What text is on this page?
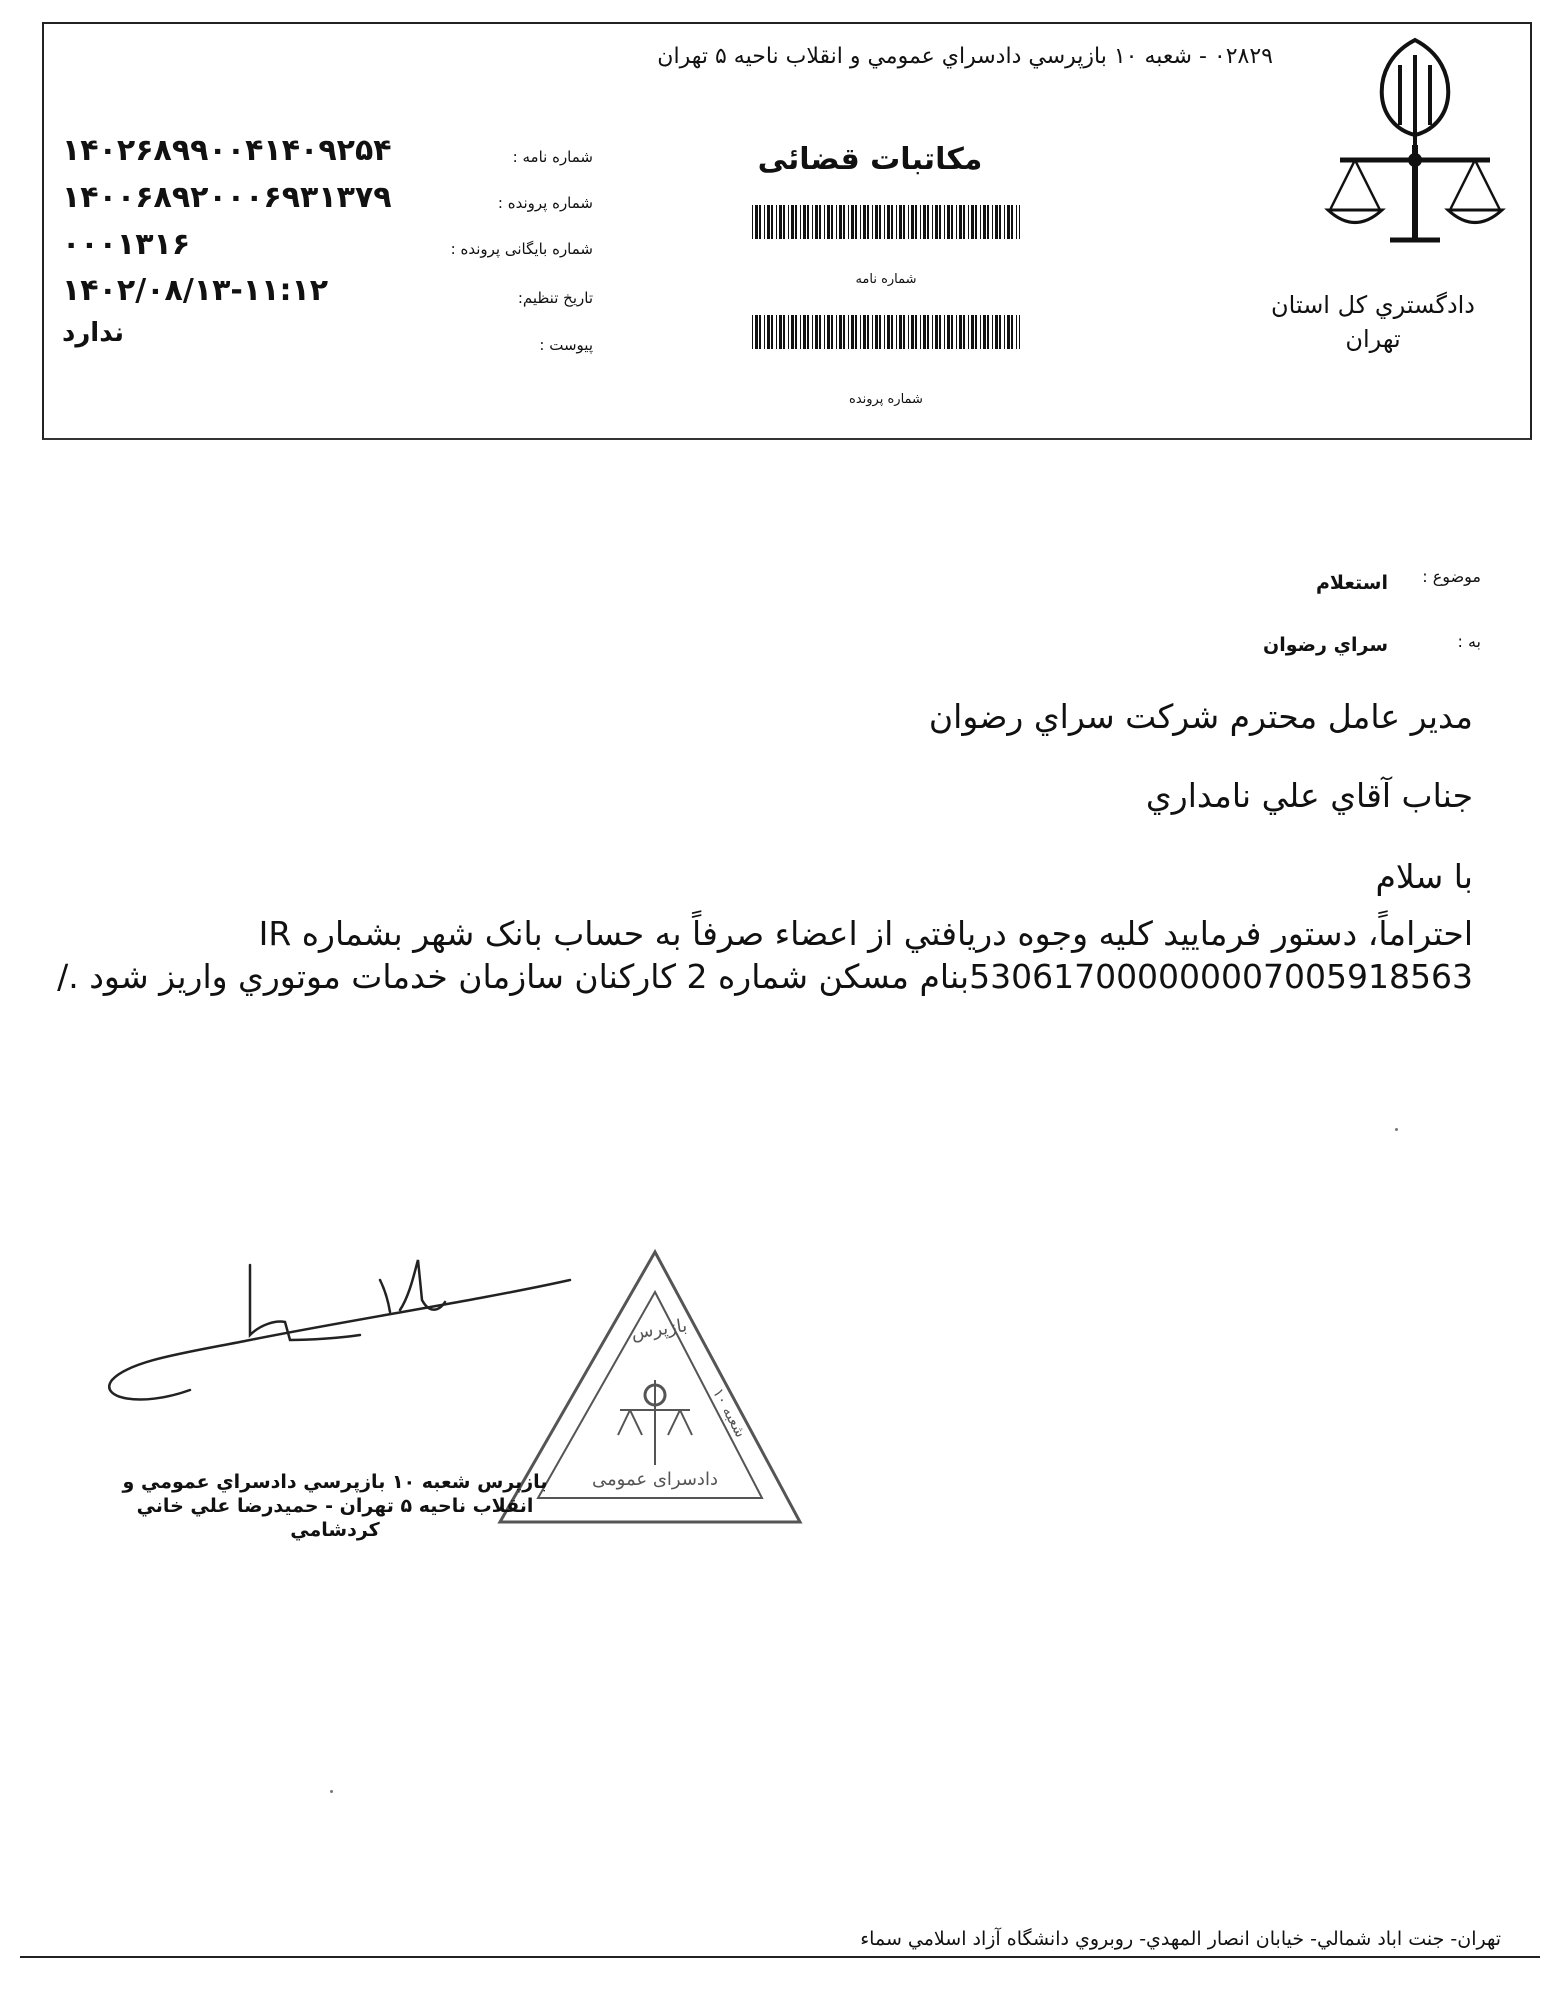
۰۲۸۲۹ - شعبه ۱۰ بازپرسي دادسراي عمومي و انقلاب ناحيه ۵ تهران
دادگستري کل استان
تهران
مکاتبات قضائی
شماره نامه
شماره پرونده
شماره نامه :
شماره پرونده :
شماره بایگانی پرونده :
تاریخ تنظیم:
پیوست :
۱۴۰۲۶۸۹۹۰۰۴۱۴۰۹۲۵۴
۱۴۰۰۶۸۹۲۰۰۰۶۹۳۱۳۷۹
۰۰۰۱۳۱۶
۱۴۰۲/۰۸/۱۳-۱۱:۱۲
ندارد
موضوع :
استعلام
به :
سراي رضوان
مدير عامل محترم شرکت سراي رضوان
جناب آقاي علي نامداري
با سلام
احتراماً، دستور فرماييد کليه وجوه دريافتي از اعضاء صرفاً به حساب بانک شهر بشماره IR 530617000000007005918563بنام مسکن شماره 2 کارکنان سازمان خدمات موتوري واريز شود ./
بازپرس
دادسرای عمومی
شعبه ۱۰
بازپرس شعبه ۱۰ بازپرسي دادسراي عمومي و انقلاب ناحيه ۵ تهران - حميدرضا علي خاني کردشامي
تهران- جنت اباد شمالي- خيابان انصار المهدي- روبروي دانشگاه آزاد اسلامي سماء
